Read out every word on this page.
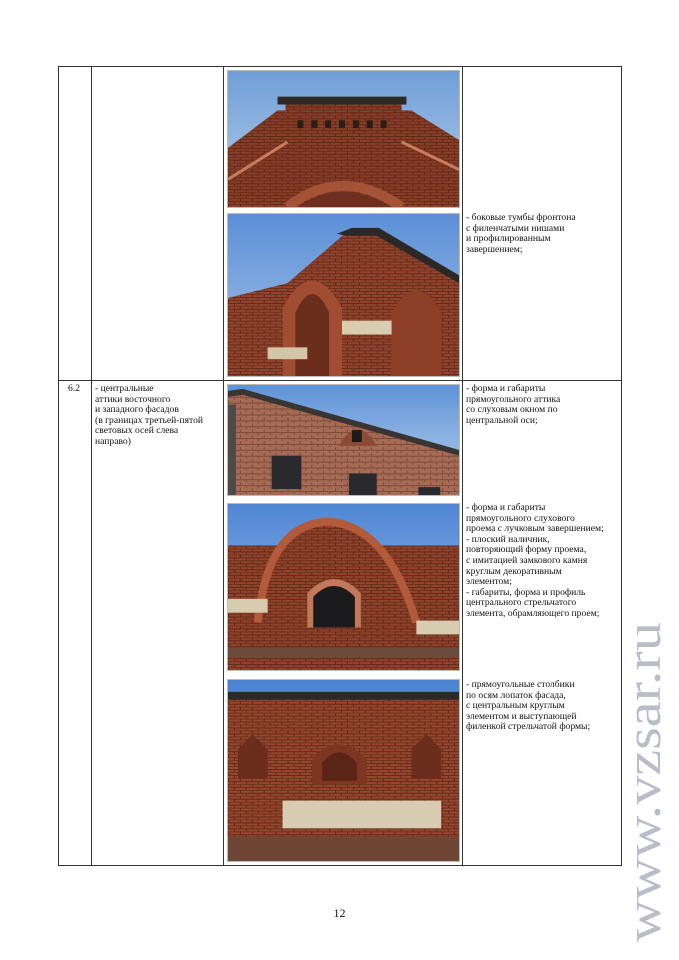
- боковые тумбы фронтона
с филенчатыми нишами
и профилированным
завершением;
6.2 - центральные
аттики восточного
и западного фасадов
(в границах третьей-пятой
световых осей слева
направо)
- форма и габариты
прямоугольного аттика
со слуховым окном по
центральной оси;
- форма и габариты
прямоугольного слухового
проема с лучковым завершением;
- плоский наличник,
повторяющий форму проема,
с имитацией замкового камня
круглым декоративным
элементом;
- габариты, форма и профиль
центрального стрельчатого
элемента, обрамляющего проем;
- прямоугольные столбики
по осям лопаток фасада,
с центральным круглым
элементом и выступающей
филенкой стрельчатой формы;
12	www.vzsar.ru
